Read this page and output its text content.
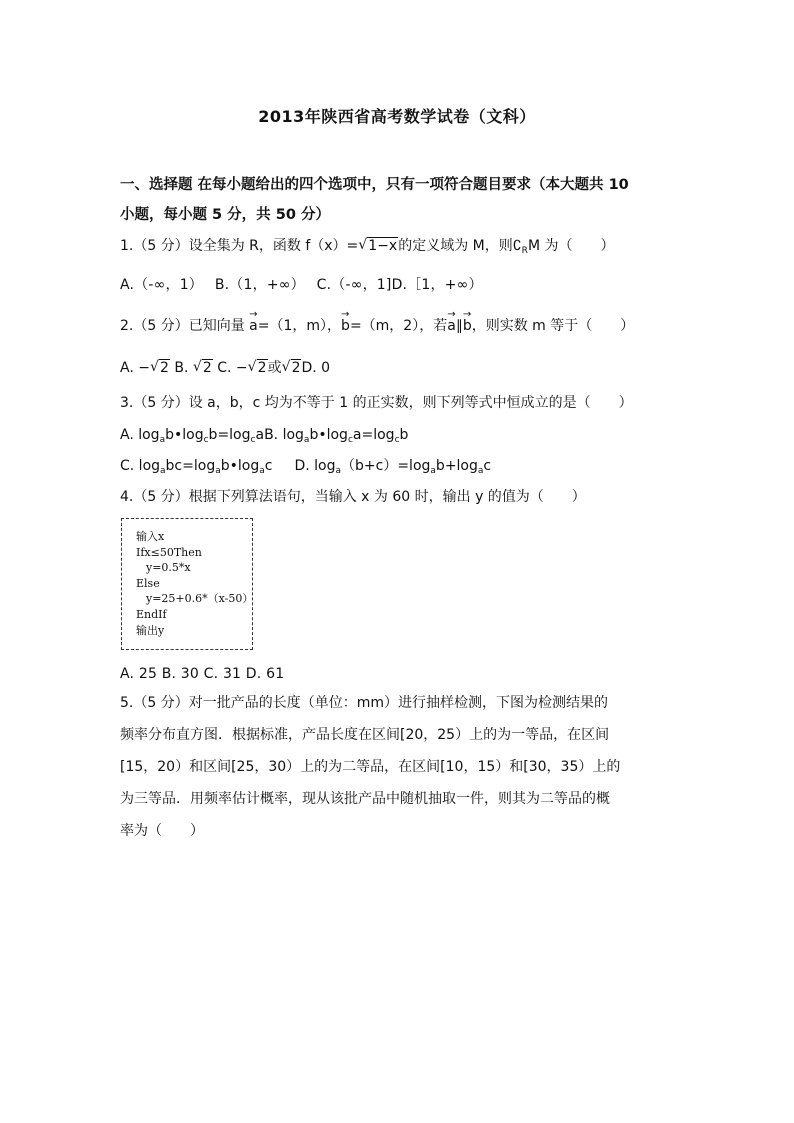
2013年陕西省高考数学试卷（文科）
一、选择题 在每小题给出的四个选项中，只有一项符合题目要求（本大题共 10
小题，每小题 5 分，共 50 分）
1.（5 分）设全集为 R，函数 f（x）= √ 1−x的定义域为 M，则$∁_RM$ 为（　　）
A.（-∞，1）　 B.（1，+∞）　 C.（-∞，1]D.［1，+∞）
2.（5 分）已知向量 → a=（1，m），→ b=（m，2），若→ a∥→ b，则实数 m 等于（　　）
A. − √ 2 B. √ 2 C. − √ 2或 √ 2D. 0
3.（5 分）设 a，b，c 均为不等于 1 的正实数，则下列等式中恒成立的是（　　）
A. $\log_ab•\log_cb=\log_caB$. $\log_ab•\log_ca=\log_cb$
C. $\log_abc=\log_ab•\log_ac$ D. $\log_a(b+c)=\log_ab+\log_ac$
4.（5 分）根据下列算法语句，当输入 x 为 60 时，输出 y 的值为（　　）
输入x
Ifx≤50Then
y=0.5*x
Else
y=25+0.6*（x-50）
EndIf
输出y
A. 25 B. 30 C. 31 D. 61
5.（5 分）对一批产品的长度（单位：mm）进行抽样检测，下图为检测结果的
频率分布直方图．根据标准，产品长度在区间[20，25）上的为一等品，在区间
[15，20）和区间[25，30）上的为二等品，在区间[10，15）和[30，35）上的
为三等品．用频率估计概率，现从该批产品中随机抽取一件，则其为二等品的概
率为（　　）
